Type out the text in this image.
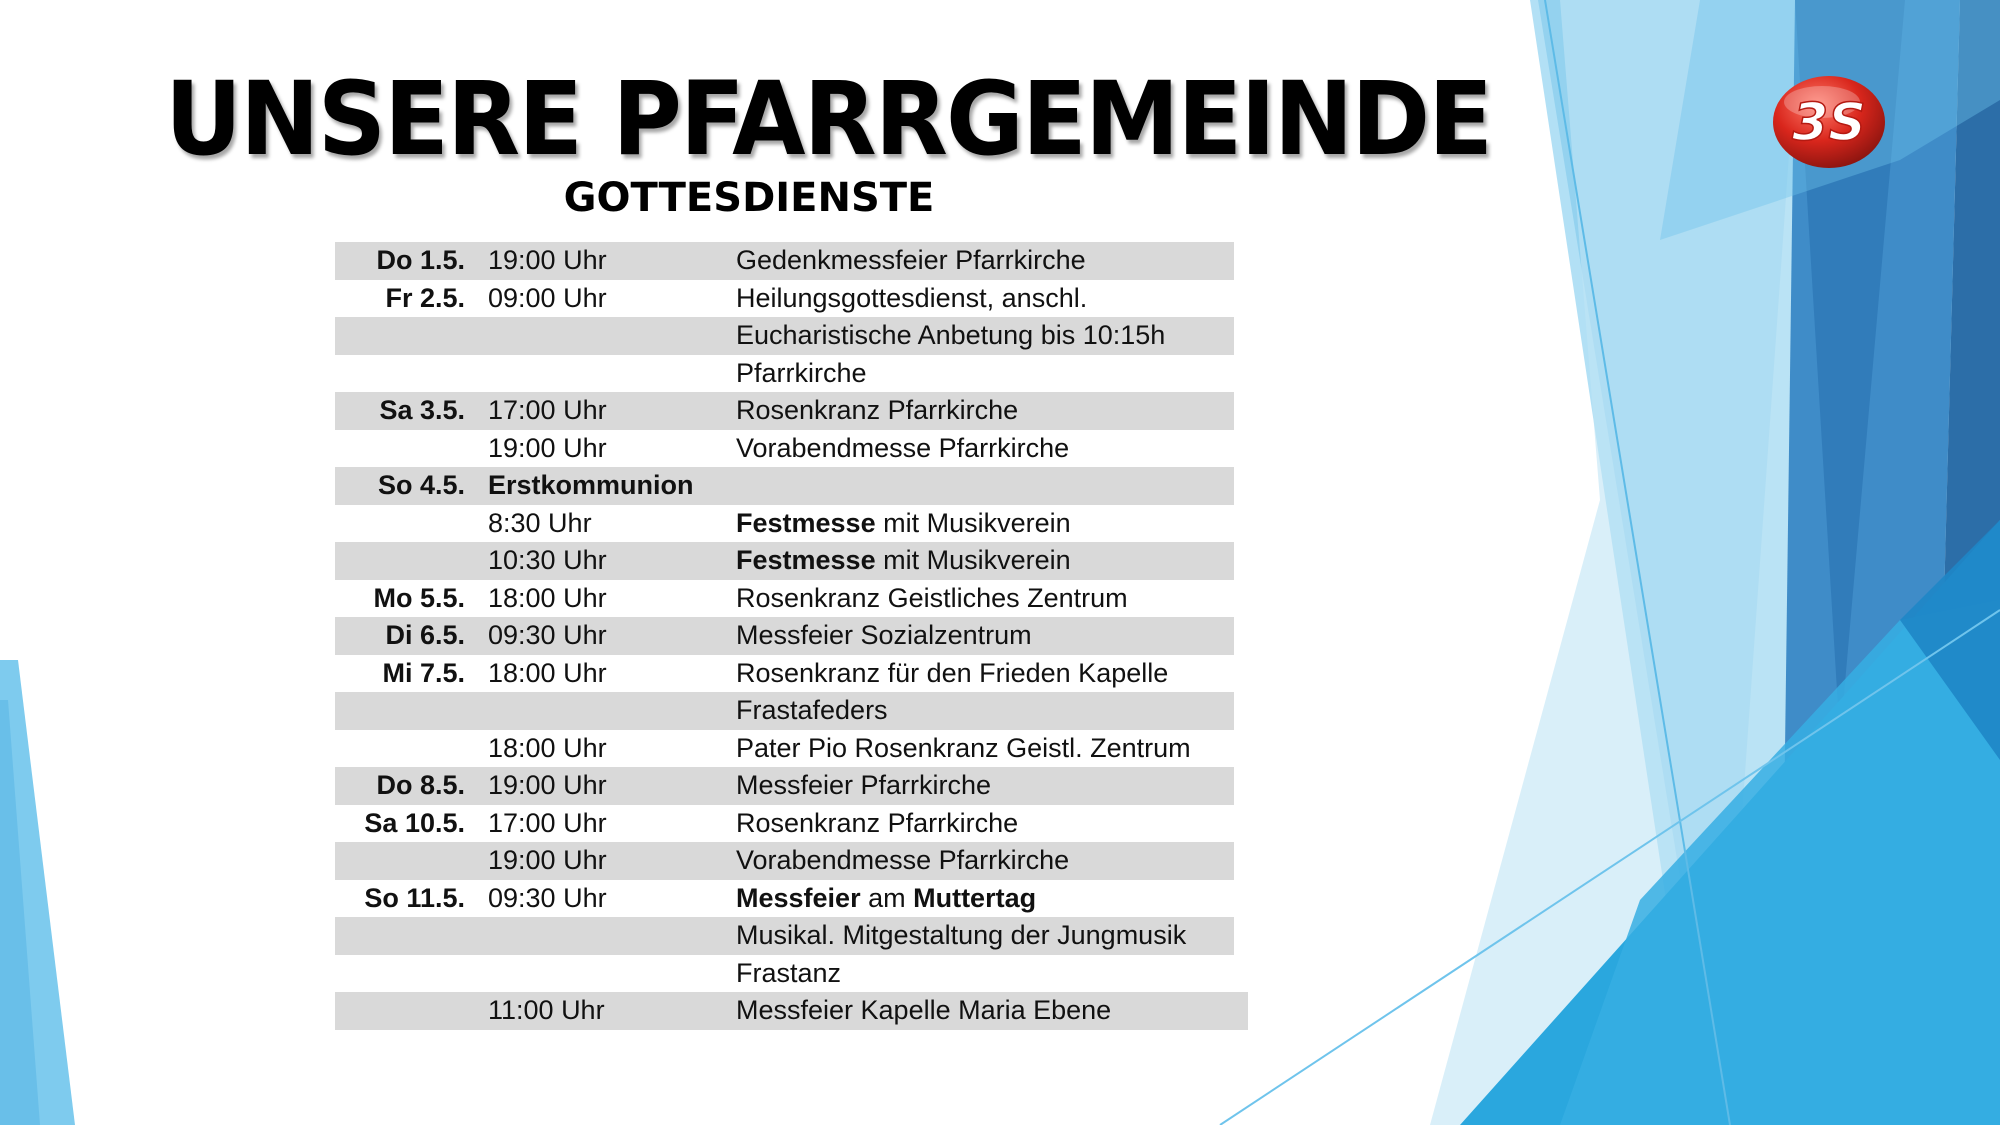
UNSERE PFARRGEMEINDE
GOTTESDIENSTE
3S
Do 1.5. 19:00 Uhr	Gedenkmessfeier Pfarrkirche
Fr 2.5. 09:00 Uhr	Heilungsgottesdienst, anschl.
Eucharistische Anbetung bis 10:15h
Pfarrkirche
Sa 3.5. 17:00 Uhr	Rosenkranz Pfarrkirche
19:00 Uhr	Vorabendmesse Pfarrkirche
So 4.5. Erstkommunion
8:30 Uhr	Festmesse mit Musikverein
10:30 Uhr	Festmesse mit Musikverein
Mo 5.5. 18:00 Uhr	Rosenkranz Geistliches Zentrum
Di 6.5. 09:30 Uhr	Messfeier Sozialzentrum
Mi 7.5. 18:00 Uhr	Rosenkranz für den Frieden Kapelle
Frastafeders
18:00 Uhr	Pater Pio Rosenkranz Geistl. Zentrum
Do 8.5. 19:00 Uhr	Messfeier Pfarrkirche
Sa 10.5. 17:00 Uhr	Rosenkranz Pfarrkirche
19:00 Uhr	Vorabendmesse Pfarrkirche
So 11.5. 09:30 Uhr	Messfeier am Muttertag
Musikal. Mitgestaltung der Jungmusik
Frastanz
11:00 Uhr	Messfeier Kapelle Maria Ebene
